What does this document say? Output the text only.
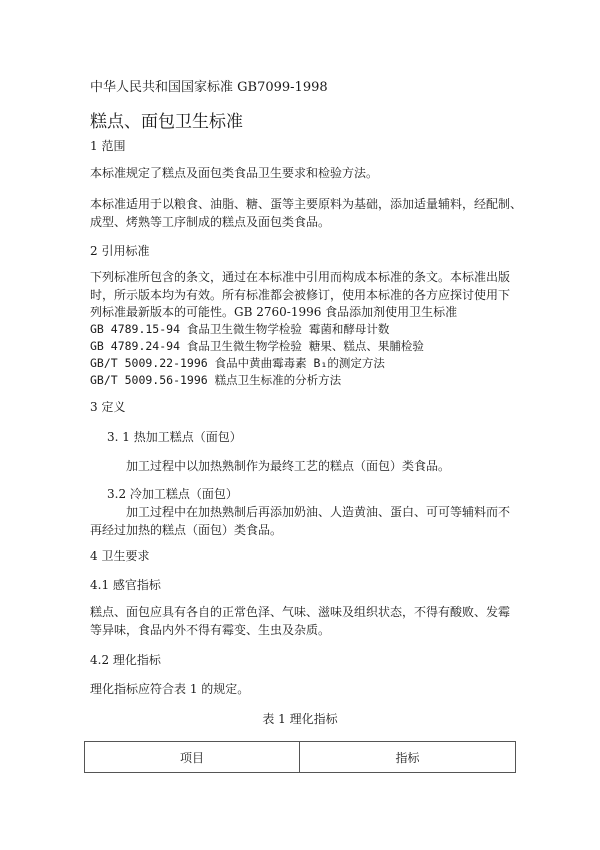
中华人民共和国国家标准 GB7099-1998

糕点、面包卫生标准

1 范围

本标准规定了糕点及面包类食品卫生要求和检验方法。

本标准适用于以粮食、油脂、糖、蛋等主要原料为基础，添加适量辅料，经配制、

成型、烤熟等工序制成的糕点及面包类食品。

2 引用标准

下列标准所包含的条文，通过在本标准中引用而构成本标准的条文。本标准出版

时，所示版本均为有效。所有标准都会被修订，使用本标准的各方应探讨使用下

列标准最新版本的可能性。GB 2760-1996 食品添加剂使用卫生标准

GB 4789.15-94 食品卫生微生物学检验 霉菌和酵母计数

GB 4789.24-94 食品卫生微生物学检验 糖果、糕点、果脯检验

GB/T 5009.22-1996 食品中黄曲霉毒素 B₁的测定方法

GB/T 5009.56-1996 糕点卫生标准的分析方法

3 定义

3. 1 热加工糕点（面包）

加工过程中以加热熟制作为最终工艺的糕点（面包）类食品。

3.2 冷加工糕点（面包）

加工过程中在加热熟制后再添加奶油、人造黄油、蛋白、可可等辅料而不

再经过加热的糕点（面包）类食品。

4 卫生要求

4.1 感官指标

糕点、面包应具有各自的正常色泽、气味、滋味及组织状态，不得有酸败、发霉

等异味，食品内外不得有霉变、生虫及杂质。

4.2 理化指标

理化指标应符合表 1 的规定。

表 1 理化指标

项目	指标
